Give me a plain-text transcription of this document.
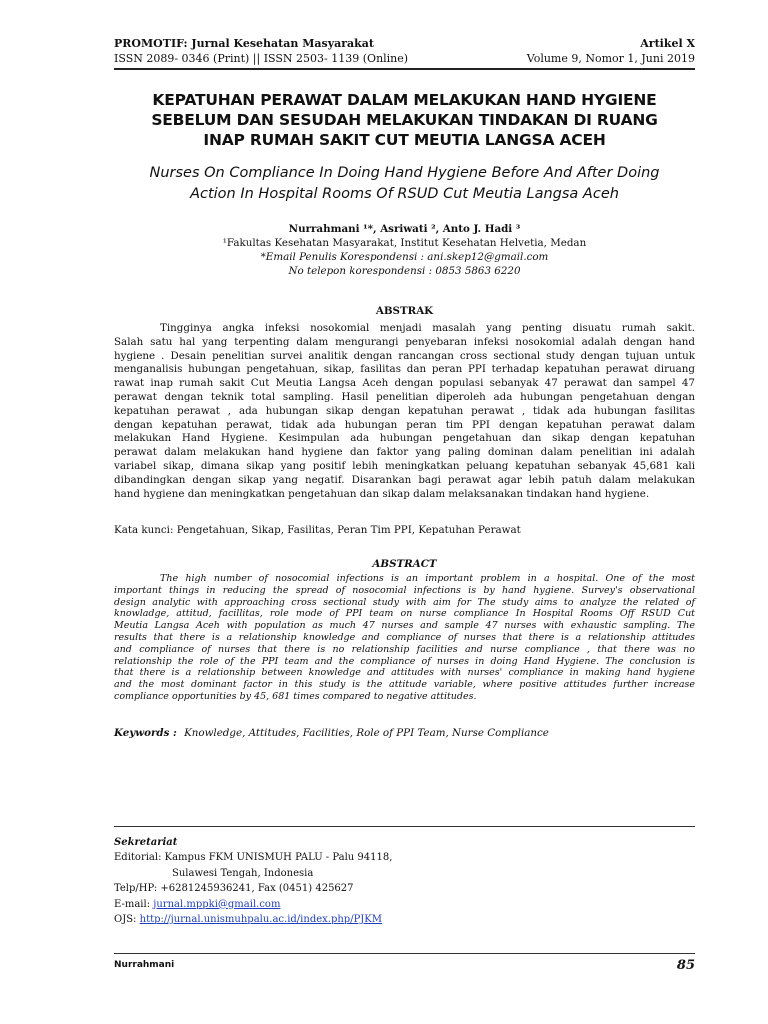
PROMOTIF: Jurnal Kesehatan Masyarakat	Artikel X
ISSN 2089- 0346 (Print) || ISSN 2503- 1139 (Online)	Volume 9, Nomor 1, Juni 2019
KEPATUHAN PERAWAT DALAM MELAKUKAN HAND HYGIENE
SEBELUM DAN SESUDAH MELAKUKAN TINDAKAN DI RUANG
INAP RUMAH SAKIT CUT MEUTIA LANGSA ACEH
Nurses On Compliance In Doing Hand Hygiene Before And After Doing
Action In Hospital Rooms Of RSUD Cut Meutia Langsa Aceh
Nurrahmani ¹*, Asriwati ², Anto J. Hadi ³
¹Fakultas Kesehatan Masyarakat, Institut Kesehatan Helvetia, Medan
*Email Penulis Korespondensi : ani.skep12@gmail.com
No telepon korespondensi : 0853 5863 6220
ABSTRAK
Tingginya angka infeksi nosokomial menjadi masalah yang penting disuatu rumah sakit.
Salah satu hal yang terpenting dalam mengurangi penyebaran infeksi nosokomial adalah dengan hand
hygiene . Desain penelitian survei analitik dengan rancangan cross sectional study dengan tujuan untuk
menganalisis hubungan pengetahuan, sikap, fasilitas dan peran PPI terhadap kepatuhan perawat diruang
rawat inap rumah sakit Cut Meutia Langsa Aceh dengan populasi sebanyak 47 perawat dan sampel 47
perawat dengan teknik total sampling. Hasil penelitian diperoleh ada hubungan pengetahuan dengan
kepatuhan perawat , ada hubungan sikap dengan kepatuhan perawat , tidak ada hubungan fasilitas
dengan kepatuhan perawat, tidak ada hubungan peran tim PPI dengan kepatuhan perawat dalam
melakukan Hand Hygiene. Kesimpulan ada hubungan pengetahuan dan sikap dengan kepatuhan
perawat dalam melakukan hand hygiene dan faktor yang paling dominan dalam penelitian ini adalah
variabel sikap, dimana sikap yang positif lebih meningkatkan peluang kepatuhan sebanyak 45,681 kali
dibandingkan dengan sikap yang negatif. Disarankan bagi perawat agar lebih patuh dalam melakukan
hand hygiene dan meningkatkan pengetahuan dan sikap dalam melaksanakan tindakan hand hygiene.
Kata kunci: Pengetahuan, Sikap, Fasilitas, Peran Tim PPI, Kepatuhan Perawat
ABSTRACT
The high number of nosocomial infections is an important problem in a hospital. One of the most
important things in reducing the spread of nosocomial infections is by hand hygiene. Survey's observational
design analytic with approaching cross sectional study with aim for The study aims to analyze the related of
knowladge, attitud, facillitas, role mode of PPI team on nurse compliance In Hospital Rooms Off RSUD Cut
Meutia Langsa Aceh with population as much 47 nurses and sample 47 nurses with exhaustic sampling. The
results that there is a relationship knowledge and compliance of nurses that there is a relationship attitudes
and compliance of nurses that there is no relationship facilities and nurse compliance , that there was no
relationship the role of the PPI team and the compliance of nurses in doing Hand Hygiene. The conclusion is
that there is a relationship between knowledge and attitudes with nurses' compliance in making hand hygiene
and the most dominant factor in this study is the attitude variable, where positive attitudes further increase
compliance opportunities by 45, 681 times compared to negative attitudes.
Keywords : Knowledge, Attitudes, Facilities, Role of PPI Team, Nurse Compliance
Sekretariat
Editorial: Kampus FKM UNISMUH PALU - Palu 94118,
Sulawesi Tengah, Indonesia
Telp/HP: +6281245936241, Fax (0451) 425627
E-mail: jurnal.mppki@gmail.com
OJS: http://jurnal.unismuhpalu.ac.id/index.php/PJKM
Nurrahmani	85
